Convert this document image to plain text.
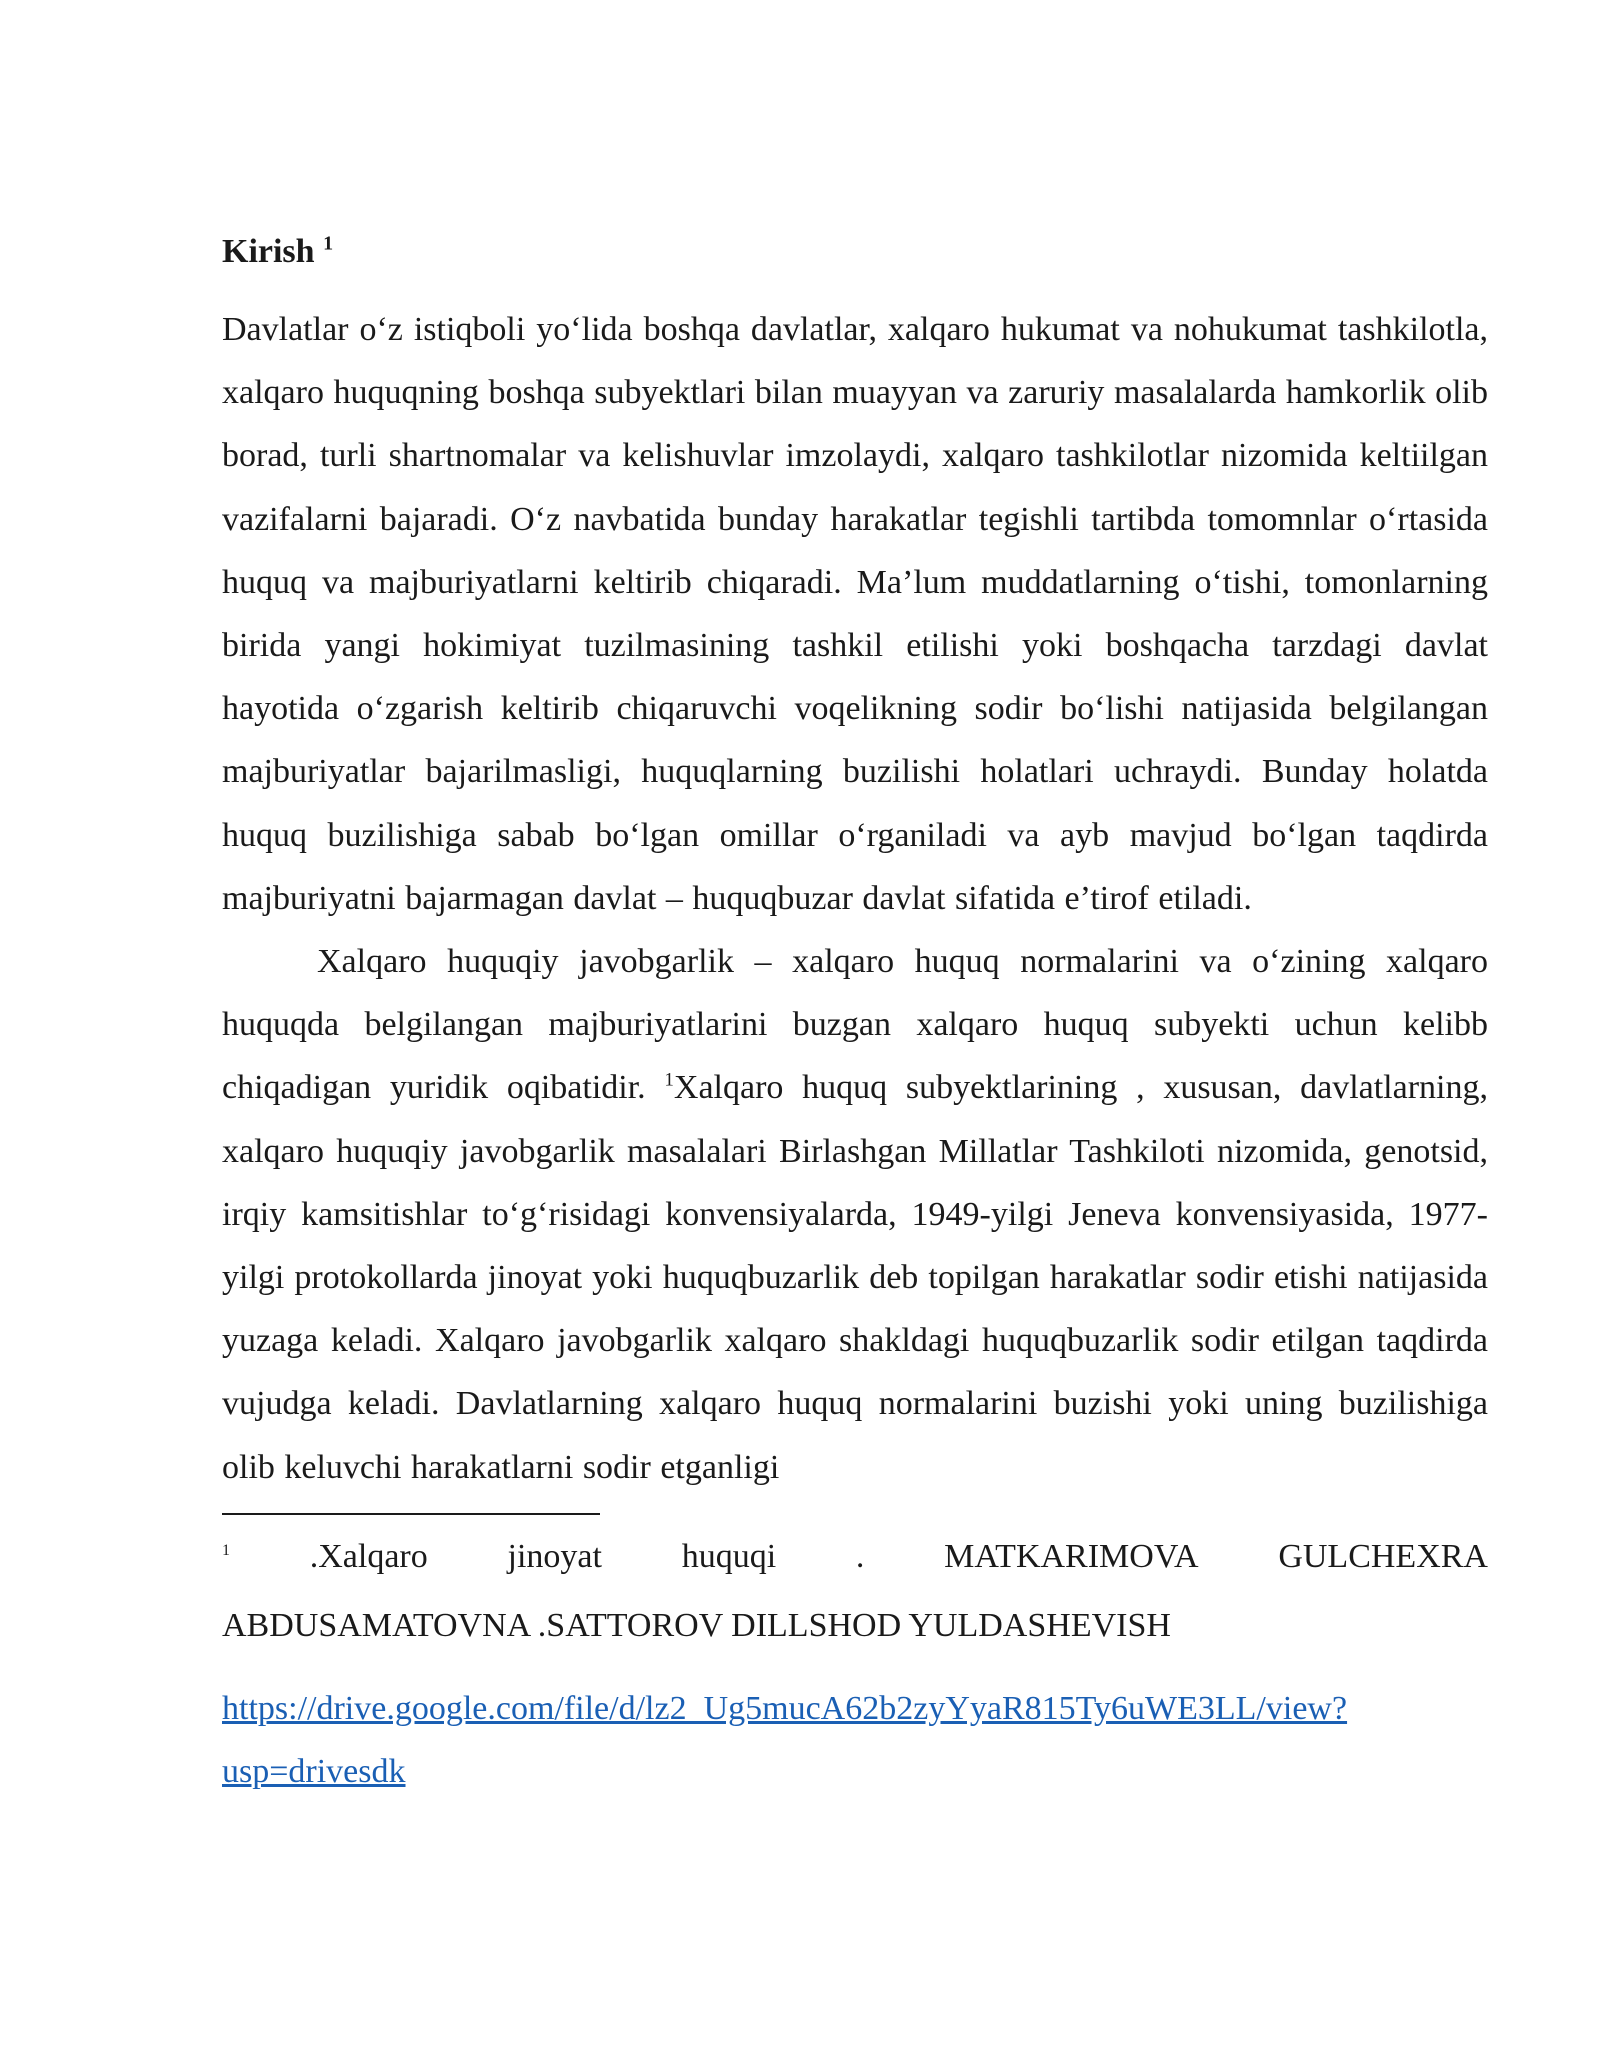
Kirish $^1$

Davlatlar o‘z istiqboli yo‘lida boshqa davlatlar, xalqaro hukumat va nohukumat tashkilotla, xalqaro huquqning boshqa subyektlari bilan muayyan va zaruriy masalalarda hamkorlik olib borad, turli shartnomalar va kelishuvlar imzolaydi, xalqaro tashkilotlar nizomida keltiilgan vazifalarni bajaradi. O‘z navbatida bunday harakatlar tegishli tartibda tomomnlar o‘rtasida huquq va majburiyatlarni keltirib chiqaradi. Ma’lum muddatlarning o‘tishi, tomonlarning birida yangi hokimiyat tuzilmasining tashkil etilishi yoki boshqacha tarzdagi davlat hayotida o‘zgarish keltirib chiqaruvchi voqelikning sodir bo‘lishi natijasida belgilangan majburiyatlar bajarilmasligi, huquqlarning buzilishi holatlari uchraydi. Bunday holatda huquq buzilishiga sabab bo‘lgan omillar o‘rganiladi va ayb mavjud bo‘lgan taqdirda majburiyatni bajarmagan davlat – huquqbuzar davlat sifatida e’tirof etiladi.

Xalqaro huquqiy javobgarlik – xalqaro huquq normalarini va o‘zining xalqaro huquqda belgilangan majburiyatlarini buzgan xalqaro huquq subyekti uchun kelibb chiqadigan yuridik oqibatidir. $^1$Xalqaro huquq subyektlarining , xususan, davlatlarning, xalqaro huquqiy javobgarlik masalalari Birlashgan Millatlar Tashkiloti nizomida, genotsid, irqiy kamsitishlar to‘g‘risidagi konvensiyalarda, 1949-yilgi Jeneva konvensiyasida, 1977-yilgi protokollarda jinoyat yoki huquqbuzarlik deb topilgan harakatlar sodir etishi natijasida yuzaga keladi. Xalqaro javobgarlik xalqaro shakldagi huquqbuzarlik sodir etilgan taqdirda vujudga keladi. Davlatlarning xalqaro huquq normalarini buzishi yoki uning buzilishiga olib keluvchi harakatlarni sodir etganligi

1 .Xalqaro jinoyat huquqi . MATKARIMOVA GULCHEXRA
ABDUSAMATOVNA .SATTOROV DILLSHOD YULDASHEVISH
https://drive.google.com/file/d/lz2_Ug5mucA62b2zyYyaR815Ty6uWE3LL/view?
usp=drivesdk
